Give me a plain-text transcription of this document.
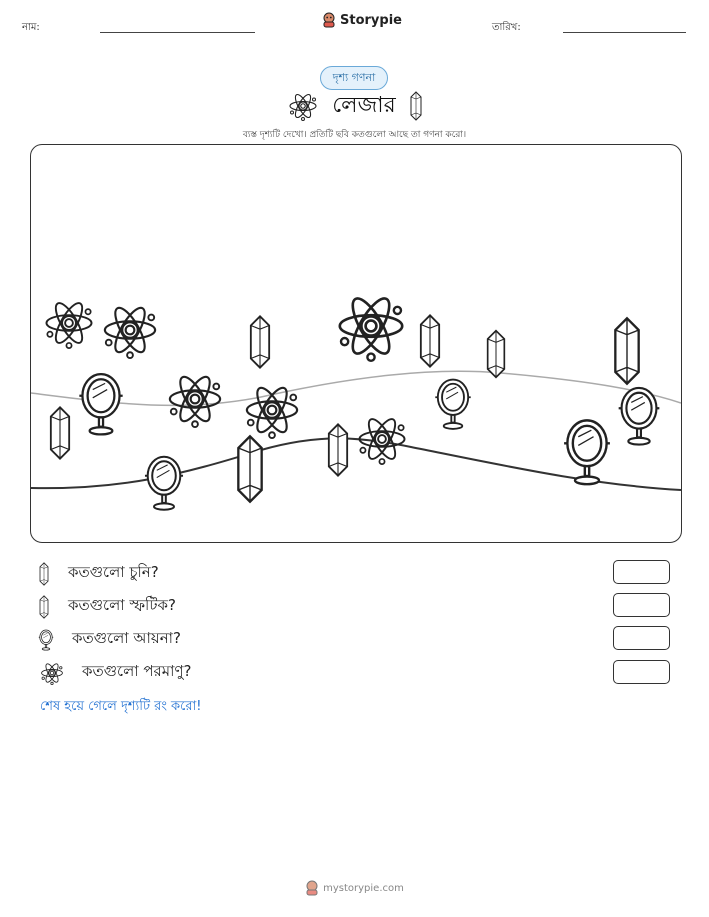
নাম:	Storypie	তারিখ:
দৃশ্য গণনা
লেজার
ব্যস্ত দৃশ্যটি দেখো। প্রতিটি ছবি কতগুলো আছে তা গণনা করো।
কতগুলো চুনি?
কতগুলো স্ফটিক?
কতগুলো আয়না?
কতগুলো পরমাণু?
শেষ হয়ে গেলে দৃশ্যটি রং করো!
mystorypie.com
